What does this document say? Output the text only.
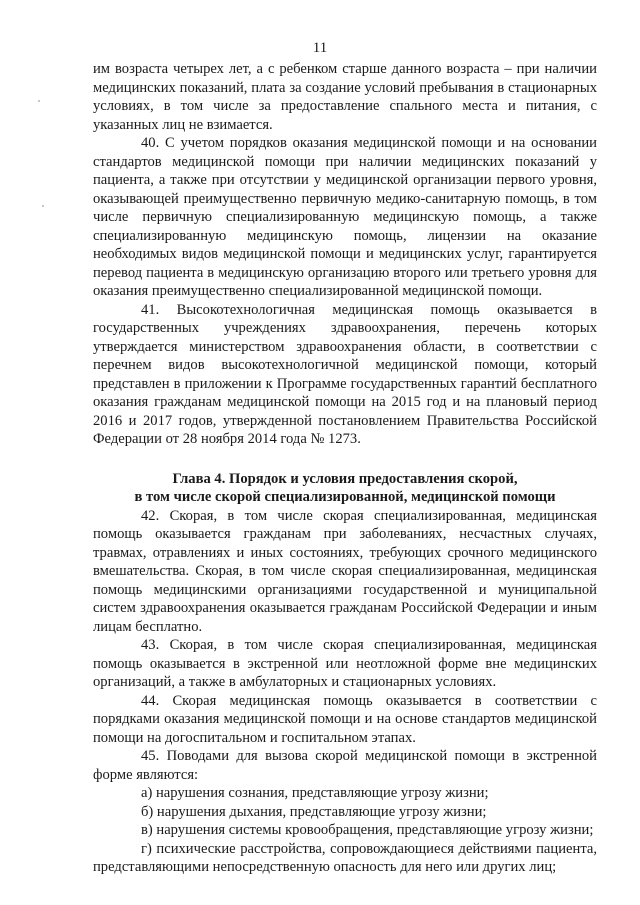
11

им возраста четырех лет, а с ребенком старше данного возраста – при наличии медицинских показаний, плата за создание условий пребывания в стационарных условиях, в том числе за предоставление спального места и питания, с указанных лиц не взимается.

40. С учетом порядков оказания медицинской помощи и на основании стандартов медицинской помощи при наличии медицинских показаний у пациента, а также при отсутствии у медицинской организации первого уровня, оказывающей преимущественно первичную медико-санитарную помощь, в том числе первичную специализированную медицинскую помощь, а также специализированную медицинскую помощь, лицензии на оказание необходимых видов медицинской помощи и медицинских услуг, гарантируется перевод пациента в медицинскую организацию второго или третьего уровня для оказания преимущественно специализированной медицинской помощи.

41. Высокотехнологичная медицинская помощь оказывается в государственных учреждениях здравоохранения, перечень которых утверждается министерством здравоохранения области, в соответствии с перечнем видов высокотехнологичной медицинской помощи, который представлен в приложении к Программе государственных гарантий бесплатного оказания гражданам медицинской помощи на 2015 год и на плановый период 2016 и 2017 годов, утвержденной постановлением Правительства Российской Федерации от 28 ноября 2014 года № 1273.

Глава 4. Порядок и условия предоставления скорой,
в том числе скорой специализированной, медицинской помощи

42. Скорая, в том числе скорая специализированная, медицинская помощь оказывается гражданам при заболеваниях, несчастных случаях, травмах, отравлениях и иных состояниях, требующих срочного медицинского вмешательства. Скорая, в том числе скорая специализированная, медицинская помощь медицинскими организациями государственной и муниципальной систем здравоохранения оказывается гражданам Российской Федерации и иным лицам бесплатно.

43. Скорая, в том числе скорая специализированная, медицинская помощь оказывается в экстренной или неотложной форме вне медицинских организаций, а также в амбулаторных и стационарных условиях.

44. Скорая медицинская помощь оказывается в соответствии с порядками оказания медицинской помощи и на основе стандартов медицинской помощи на догоспитальном и госпитальном этапах.

45. Поводами для вызова скорой медицинской помощи в экстренной форме являются:

а) нарушения сознания, представляющие угрозу жизни;

б) нарушения дыхания, представляющие угрозу жизни;

в) нарушения системы кровообращения, представляющие угрозу жизни;

г) психические расстройства, сопровождающиеся действиями пациента, представляющими непосредственную опасность для него или других лиц;
